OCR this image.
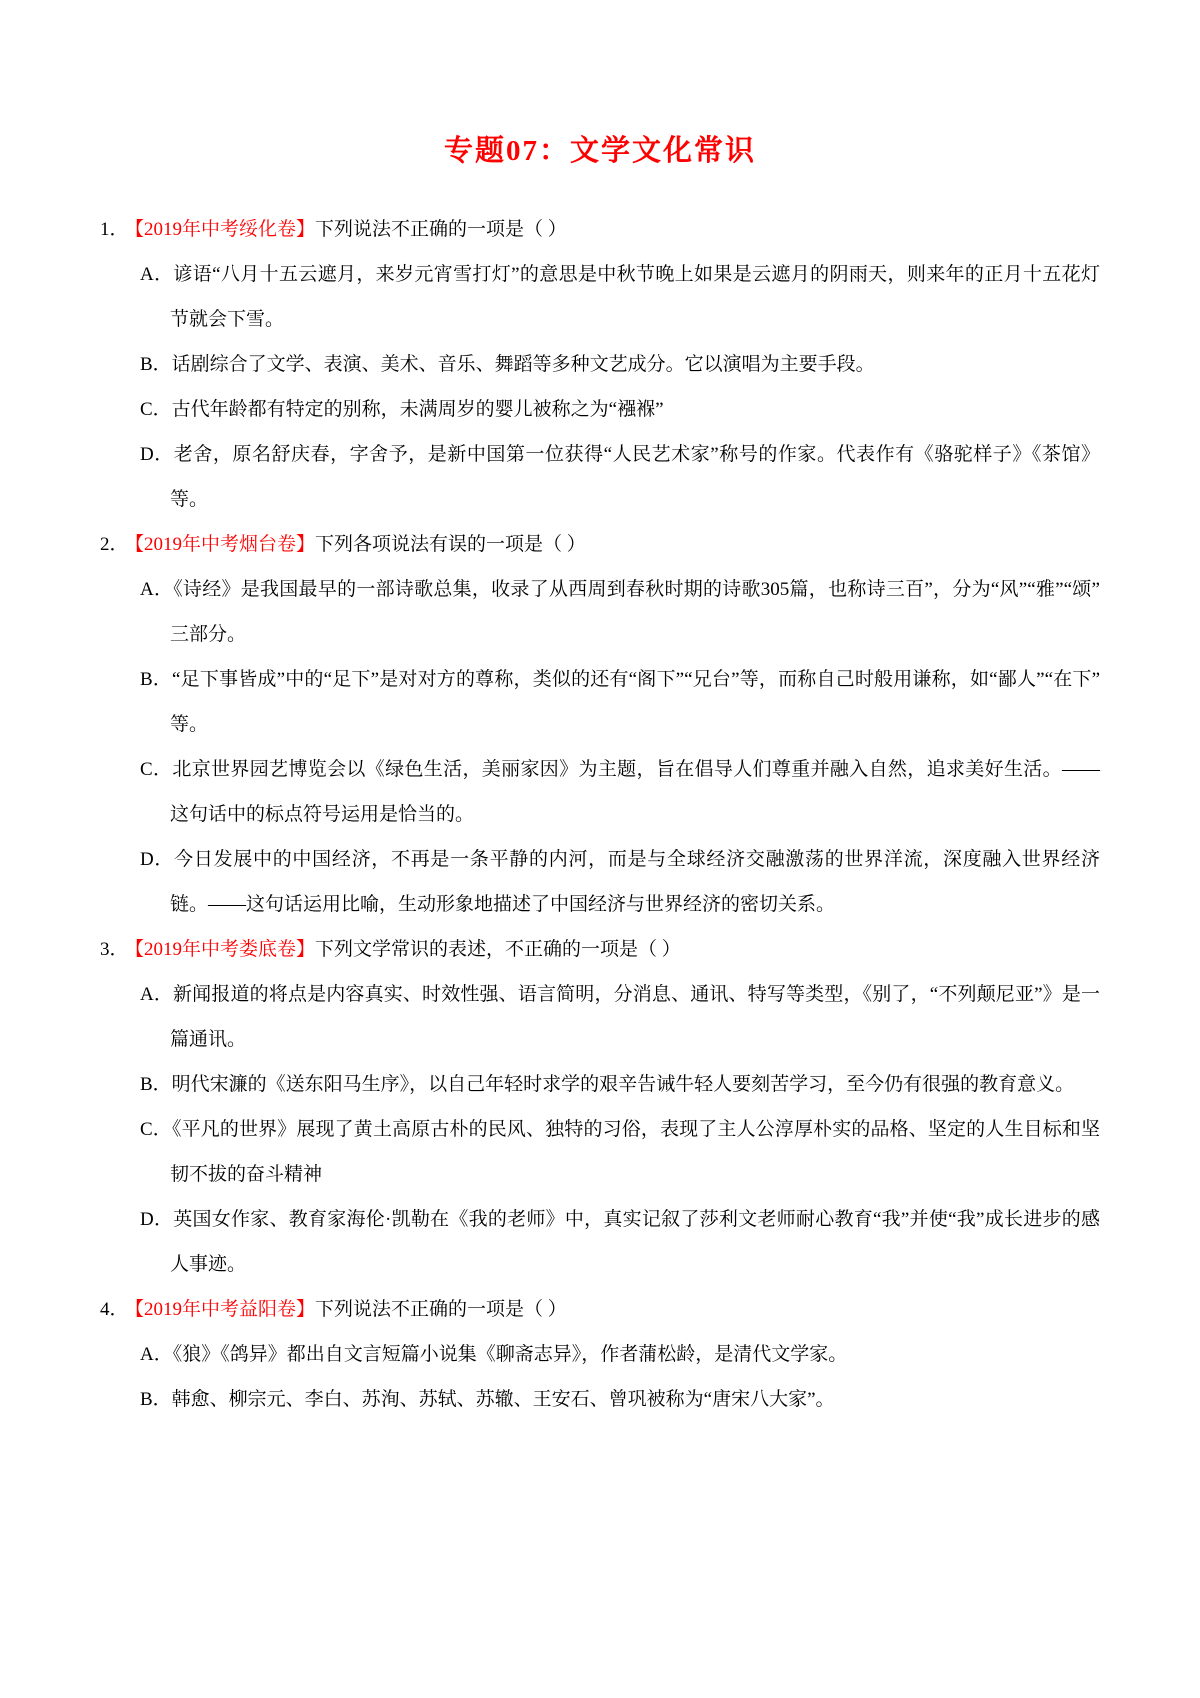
专题07：文学文化常识

1． 【2019年中考绥化卷】下列说法不正确的一项是（ ）

A．谚语“八月十五云遮月，来岁元宵雪打灯”的意思是中秋节晚上如果是云遮月的阴雨天，则来年的正月十五花灯节就会下雪。

B．话剧综合了文学、表演、美术、音乐、舞蹈等多种文艺成分。它以演唱为主要手段。

C．古代年龄都有特定的别称，未满周岁的婴儿被称之为“襁褓”

D．老舍，原名舒庆春，字舍予，是新中国第一位获得“人民艺术家”称号的作家。代表作有《骆驼样子》《茶馆》等。

2． 【2019年中考烟台卷】下列各项说法有误的一项是（ ）

A．《诗经》是我国最早的一部诗歌总集，收录了从西周到春秋时期的诗歌305篇，也称诗三百”，分为“风”“雅”“颂”三部分。

B．“足下事皆成”中的“足下”是对对方的尊称，类似的还有“阁下”“兄台”等，而称自己时般用谦称，如“鄙人”“在下”等。

C．北京世界园艺博览会以《绿色生活，美丽家因》为主题，旨在倡导人们尊重并融入自然，追求美好生活。——这句话中的标点符号运用是恰当的。

D．今日发展中的中国经济，不再是一条平静的内河，而是与全球经济交融激荡的世界洋流，深度融入世界经济链。——这句话运用比喻，生动形象地描述了中国经济与世界经济的密切关系。

3． 【2019年中考娄底卷】下列文学常识的表述，不正确的一项是（ ）

A．新闻报道的将点是内容真实、时效性强、语言简明，分消息、通讯、特写等类型，《别了，“不列颠尼亚”》是一篇通讯。

B．明代宋濂的《送东阳马生序》，以自己年轻时求学的艰辛告诫牛轻人要刻苦学习，至今仍有很强的教育意义。

C．《平凡的世界》展现了黄土高原古朴的民风、独特的习俗，表现了主人公淳厚朴实的品格、坚定的人生目标和坚韧不拔的奋斗精神

D．英国女作家、教育家海伦·凯勒在《我的老师》中，真实记叙了莎利文老师耐心教育“我”并使“我”成长进步的感人事迹。

4． 【2019年中考益阳卷】下列说法不正确的一项是（ ）

A．《狼》《鸽异》都出自文言短篇小说集《聊斋志异》，作者蒲松龄，是清代文学家。

B．韩愈、柳宗元、李白、苏洵、苏轼、苏辙、王安石、曾巩被称为“唐宋八大家”。
